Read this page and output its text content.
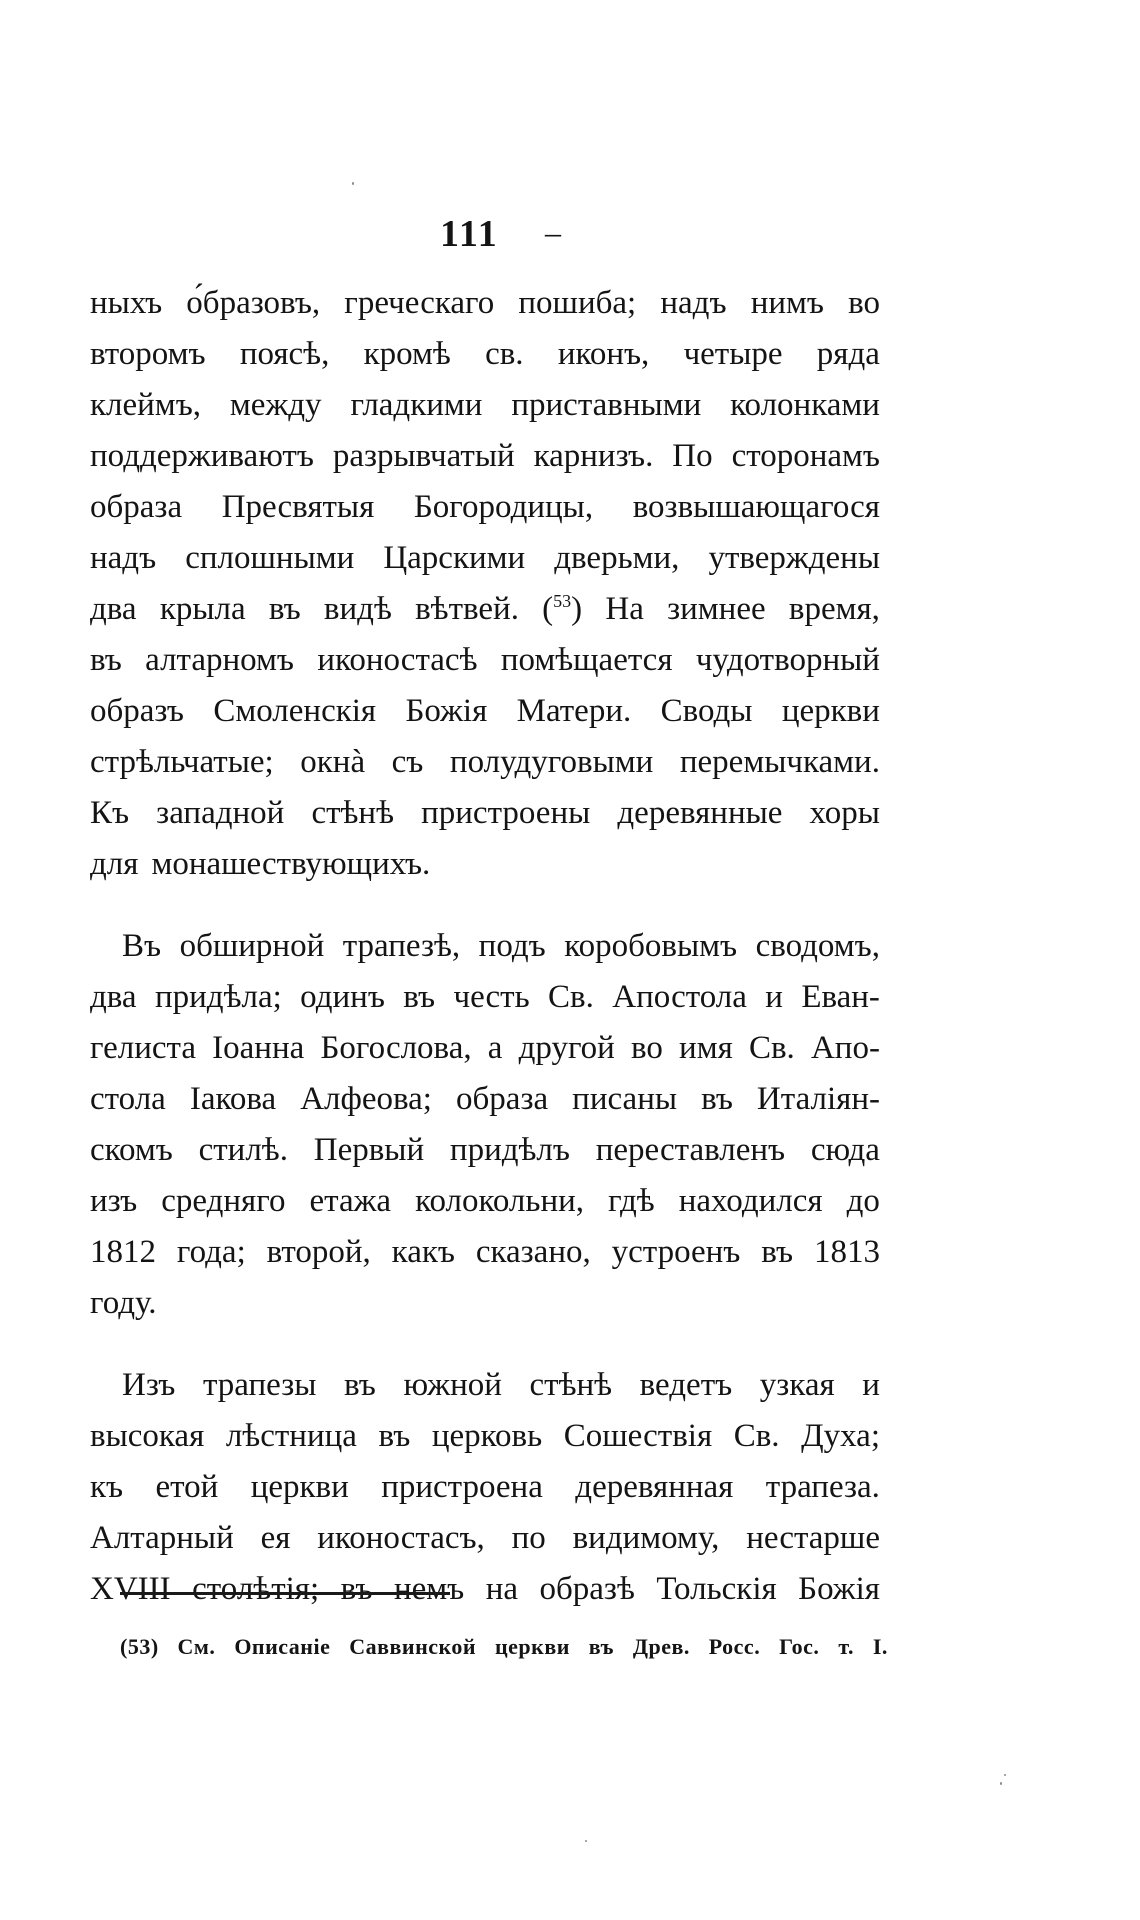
111 –
ныхъ о́бразовъ, греческаго пошиба; надъ нимъ во
второмъ поясѣ, кромѣ св. иконъ, четыре ряда
клеймъ, между гладкими приставными колонками
поддерживаютъ разрывчатый карнизъ. По сторонамъ
образа Пресвятыя Богородицы, возвышающагося
надъ сплошными Царскими дверьми, утверждены
два крыла въ видѣ вѣтвей. ($^{53}$) На зимнее время,
въ алтарномъ иконостасѣ помѣщается чудотворный
образъ Смоленскія Божія Матери. Своды церкви
стрѣльчатые; окнà съ полудуговыми перемычками.
Къ западной стѣнѣ пристроены деревянные хоры
для монашествующихъ.
Въ обширной трапезѣ, подъ коробовымъ сводомъ,
два придѣла; одинъ въ честь Св. Апостола и Еван-
гелиста Іоанна Богослова, а другой во имя Св. Апо-
стола Іакова Алфеова; образа писаны въ Италіян-
скомъ стилѣ. Первый придѣлъ переставленъ сюда
изъ средняго етажа колокольни, гдѣ находился до
1812 года; второй, какъ сказано, устроенъ въ 1813
году.
Изъ трапезы въ южной стѣнѣ ведетъ узкая и
высокая лѣстница въ церковь Сошествія Св. Духа;
къ етой церкви пристроена деревянная трапеза.
Алтарный ея иконостасъ, по видимому, нестарше
XVIII столѣтія; въ немъ на образѣ Тольскія Божія
(53) См. Описаніе Саввинской церкви въ Древ. Росс. Гос. т. I.
